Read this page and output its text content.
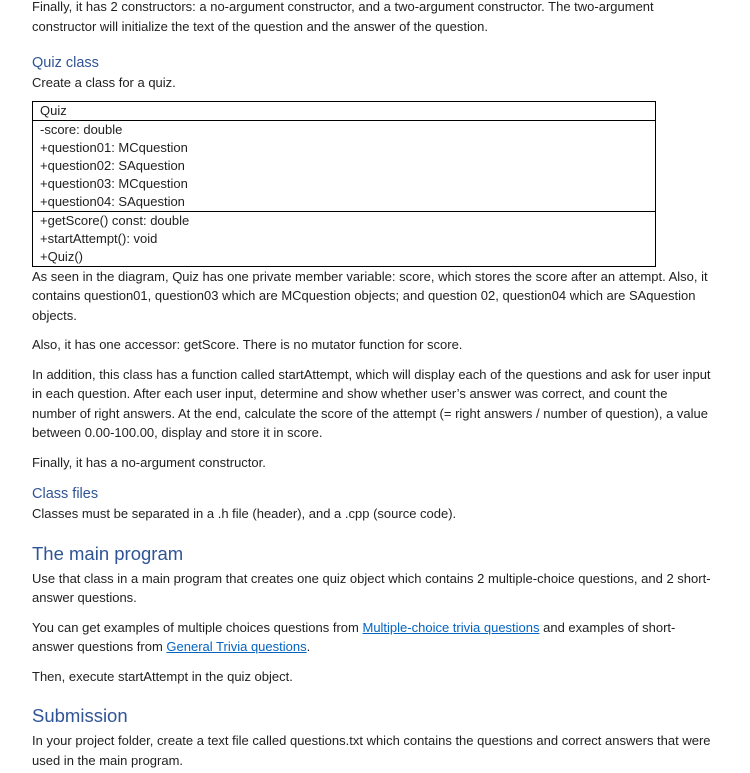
Finally, it has 2 constructors: a no-argument constructor, and a two-argument constructor. The two-argument constructor will initialize the text of the question and the answer of the question.

Quiz class

Create a class for a quiz.

Quiz

-score: double
+question01: MCquestion
+question02: SAquestion
+question03: MCquestion
+question04: SAquestion

+getScore() const: double
+startAttempt(): void
+Quiz()

As seen in the diagram, Quiz has one private member variable: score, which stores the score after an attempt. Also, it contains question01, question03 which are MCquestion objects; and question 02, question04 which are SAquestion objects.

Also, it has one accessor: getScore. There is no mutator function for score.

In addition, this class has a function called startAttempt, which will display each of the questions and ask for user input in each question. After each user input, determine and show whether user’s answer was correct, and count the number of right answers. At the end, calculate the score of the attempt (= right answers / number of question), a value between 0.00-100.00, display and store it in score.

Finally, it has a no-argument constructor.

Class files

Classes must be separated in a .h file (header), and a .cpp (source code).

The main program

Use that class in a main program that creates one quiz object which contains 2 multiple-choice questions, and 2 short-answer questions.

You can get examples of multiple choices questions from Multiple-choice trivia questions and examples of short-answer questions from General Trivia questions.

Then, execute startAttempt in the quiz object.

Submission

In your project folder, create a text file called questions.txt which contains the questions and correct answers that were used in the main program.
